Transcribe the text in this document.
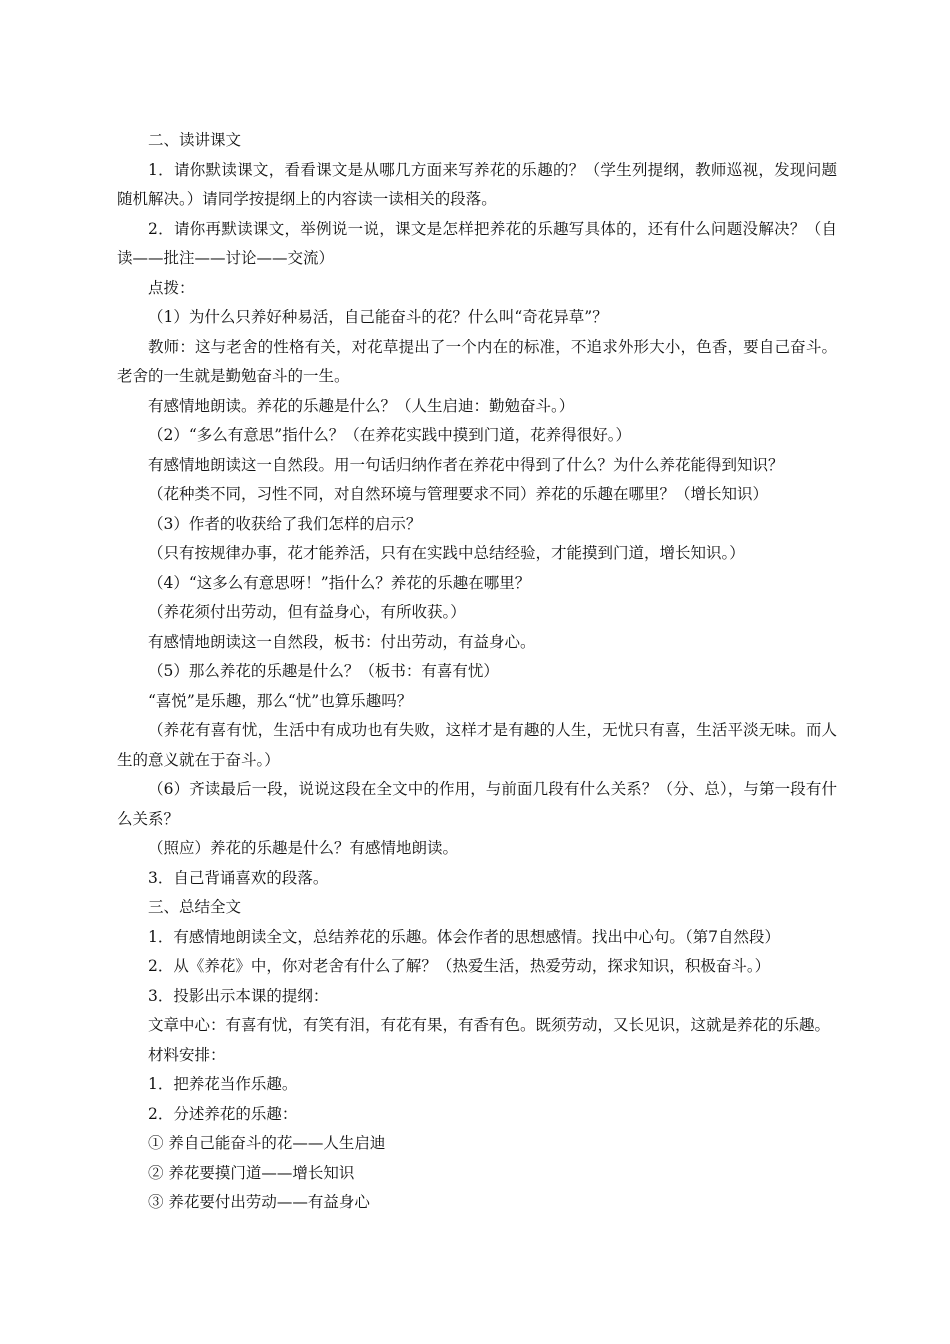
二、读讲课文

1．请你默读课文，看看课文是从哪几方面来写养花的乐趣的？（学生列提纲，教师巡视，发现问题随机解决。）请同学按提纲上的内容读一读相关的段落。

2．请你再默读课文，举例说一说，课文是怎样把养花的乐趣写具体的，还有什么问题没解决？（自读——批注——讨论——交流）

点拨：

（1）为什么只养好种易活，自己能奋斗的花？什么叫“奇花异草”？

教师：这与老舍的性格有关，对花草提出了一个内在的标准，不追求外形大小，色香，要自己奋斗。老舍的一生就是勤勉奋斗的一生。

有感情地朗读。养花的乐趣是什么？（人生启迪：勤勉奋斗。）

（2）“多么有意思”指什么？（在养花实践中摸到门道，花养得很好。）

有感情地朗读这一自然段。用一句话归纳作者在养花中得到了什么？为什么养花能得到知识？

（花种类不同，习性不同，对自然环境与管理要求不同）养花的乐趣在哪里？（增长知识）

（3）作者的收获给了我们怎样的启示？

（只有按规律办事，花才能养活，只有在实践中总结经验，才能摸到门道，增长知识。）

（4）“这多么有意思呀！”指什么？养花的乐趣在哪里？

（养花须付出劳动，但有益身心，有所收获。）

有感情地朗读这一自然段，板书：付出劳动，有益身心。

（5）那么养花的乐趣是什么？（板书：有喜有忧）

“喜悦”是乐趣，那么“忧”也算乐趣吗？

（养花有喜有忧，生活中有成功也有失败，这样才是有趣的人生，无忧只有喜，生活平淡无味。而人生的意义就在于奋斗。）

（6）齐读最后一段，说说这段在全文中的作用，与前面几段有什么关系？（分、总），与第一段有什么关系？

（照应）养花的乐趣是什么？有感情地朗读。

3．自己背诵喜欢的段落。

三、总结全文

1．有感情地朗读全文，总结养花的乐趣。体会作者的思想感情。找出中心句。（第7自然段）

2．从《养花》中，你对老舍有什么了解？（热爱生活，热爱劳动，探求知识，积极奋斗。）

3．投影出示本课的提纲：

文章中心：有喜有忧，有笑有泪，有花有果，有香有色。既须劳动，又长见识，这就是养花的乐趣。

材料安排：

1．把养花当作乐趣。

2．分述养花的乐趣：

① 养自己能奋斗的花——人生启迪

② 养花要摸门道——增长知识

③ 养花要付出劳动——有益身心
